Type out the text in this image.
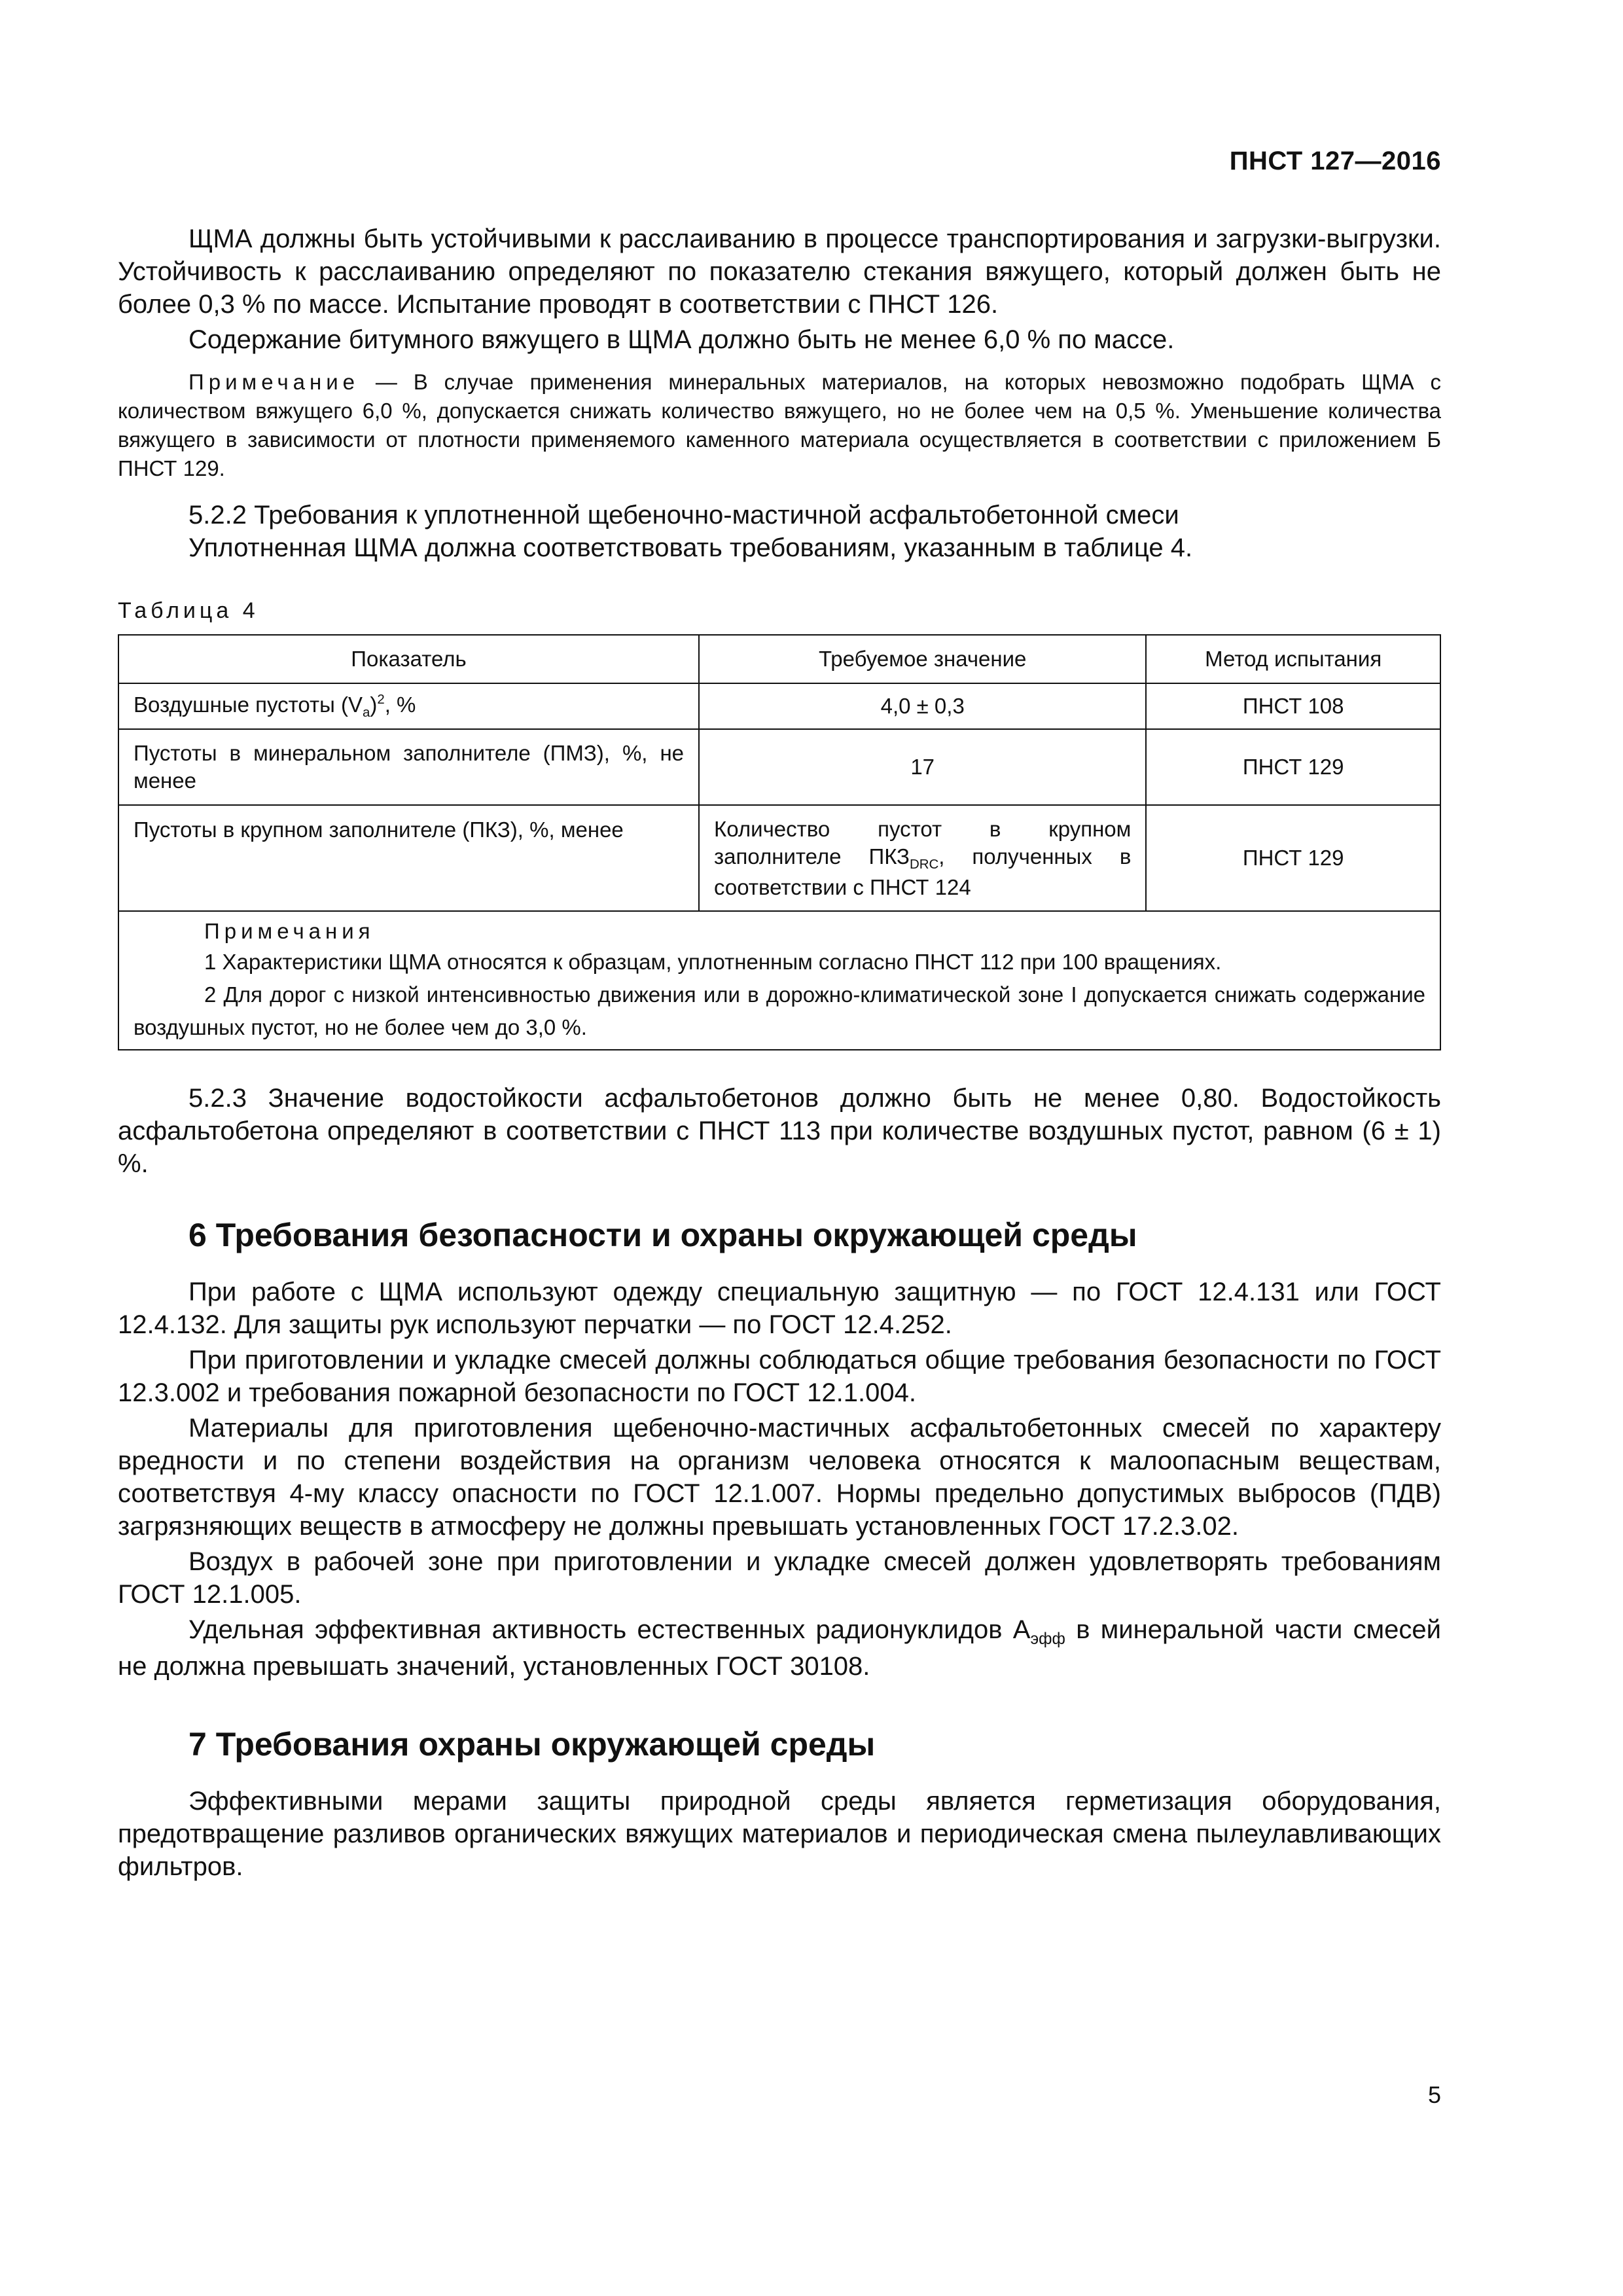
ПНСТ 127—2016

ЩМА должны быть устойчивыми к расслаиванию в процессе транспортирования и загрузки-выгрузки. Устойчивость к расслаиванию определяют по показателю стекания вяжущего, который должен быть не более 0,3 % по массе. Испытание проводят в соответствии с ПНСТ 126.

Содержание битумного вяжущего в ЩМА должно быть не менее 6,0 % по массе.

Примечание — В случае применения минеральных материалов, на которых невозможно подобрать ЩМА с количеством вяжущего 6,0 %, допускается снижать количество вяжущего, но не более чем на 0,5 %. Уменьшение количества вяжущего в зависимости от плотности применяемого каменного материала осуществляется в соответствии с приложением Б ПНСТ 129.

5.2.2 Требования к уплотненной щебеночно-мастичной асфальтобетонной смеси

Уплотненная ЩМА должна соответствовать требованиям, указанным в таблице 4.

Таблица 4
Показатель	Требуемое значение	Метод испытания
Воздушные пустоты $(V_a)^2$, %	4,0 ± 0,3	ПНСТ 108
Пустоты в минеральном заполнителе (ПМЗ), %, не менее	17	ПНСТ 129
Пустоты в крупном заполнителе (ПКЗ), %, менее	Количество пустот в крупном заполнителе $ПКЗ_{DRC}$, полученных в соответствии с ПНСТ 124	ПНСТ 129

Примечания
1 Характеристики ЩМА относятся к образцам, уплотненным согласно ПНСТ 112 при 100 вращениях.
2 Для дорог с низкой интенсивностью движения или в дорожно-климатической зоне I допускается снижать содержание воздушных пустот, но не более чем до 3,0 %.		

5.2.3 Значение водостойкости асфальтобетонов должно быть не менее 0,80. Водостойкость асфальтобетона определяют в соответствии с ПНСТ 113 при количестве воздушных пустот, равном (6 ± 1) %.

6 Требования безопасности и охраны окружающей среды

При работе с ЩМА используют одежду специальную защитную — по ГОСТ 12.4.131 или ГОСТ 12.4.132. Для защиты рук используют перчатки — по ГОСТ 12.4.252.

При приготовлении и укладке смесей должны соблюдаться общие требования безопасности по ГОСТ 12.3.002 и требования пожарной безопасности по ГОСТ 12.1.004.

Материалы для приготовления щебеночно-мастичных асфальтобетонных смесей по характеру вредности и по степени воздействия на организм человека относятся к малоопасным веществам, соответствуя 4-му классу опасности по ГОСТ 12.1.007. Нормы предельно допустимых выбросов (ПДВ) загрязняющих веществ в атмосферу не должны превышать установленных ГОСТ 17.2.3.02.

Воздух в рабочей зоне при приготовлении и укладке смесей должен удовлетворять требованиям ГОСТ 12.1.005.

Удельная эффективная активность естественных радионуклидов $А_{эфф}$ в минеральной части смесей не должна превышать значений, установленных ГОСТ 30108.

7 Требования охраны окружающей среды

Эффективными мерами защиты природной среды является герметизация оборудования, предотвращение разливов органических вяжущих материалов и периодическая смена пылеулавливающих фильтров.

5
